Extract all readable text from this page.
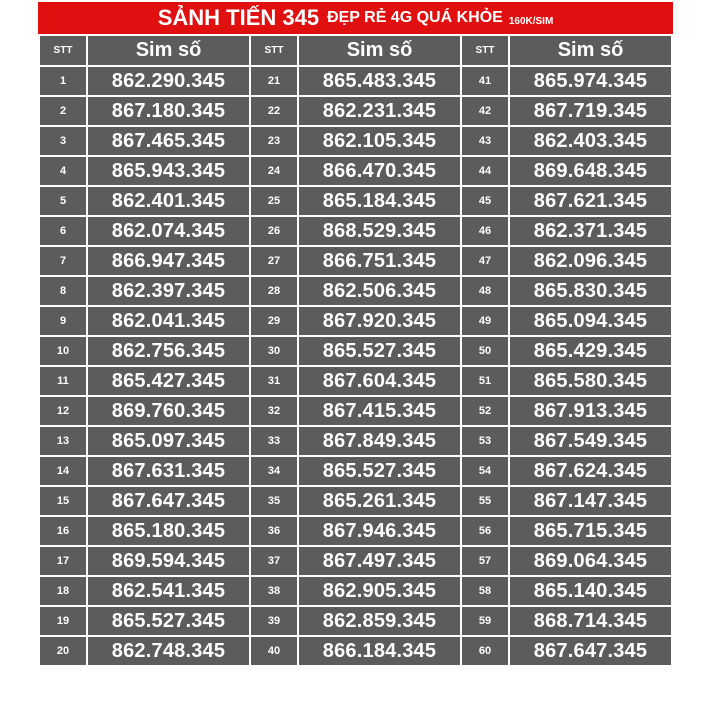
SẢNH TIẾN 345 ĐẸP RẺ 4G QUÁ KHỎE 160K/SIM
STT	Sim số	STT	Sim số	STT	Sim số
1	862.290.345	21	865.483.345	41	865.974.345
2	867.180.345	22	862.231.345	42	867.719.345
3	867.465.345	23	862.105.345	43	862.403.345
4	865.943.345	24	866.470.345	44	869.648.345
5	862.401.345	25	865.184.345	45	867.621.345
6	862.074.345	26	868.529.345	46	862.371.345
7	866.947.345	27	866.751.345	47	862.096.345
8	862.397.345	28	862.506.345	48	865.830.345
9	862.041.345	29	867.920.345	49	865.094.345
10	862.756.345	30	865.527.345	50	865.429.345
11	865.427.345	31	867.604.345	51	865.580.345
12	869.760.345	32	867.415.345	52	867.913.345
13	865.097.345	33	867.849.345	53	867.549.345
14	867.631.345	34	865.527.345	54	867.624.345
15	867.647.345	35	865.261.345	55	867.147.345
16	865.180.345	36	867.946.345	56	865.715.345
17	869.594.345	37	867.497.345	57	869.064.345
18	862.541.345	38	862.905.345	58	865.140.345
19	865.527.345	39	862.859.345	59	868.714.345
20	862.748.345	40	866.184.345	60	867.647.345
